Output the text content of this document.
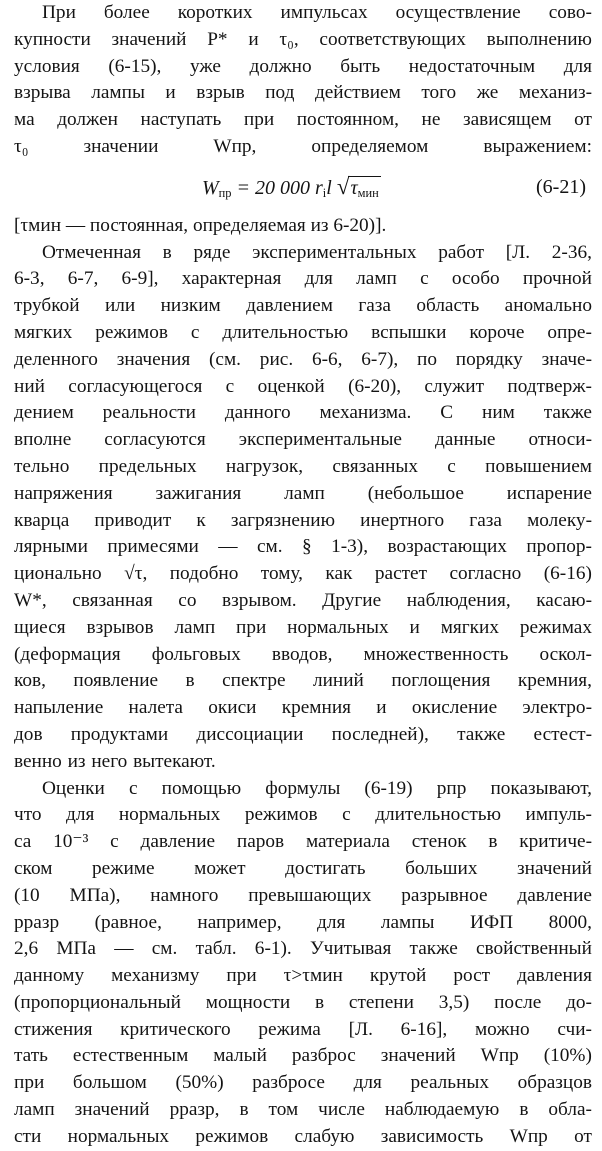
При более коротких импульсах осуществление сово-
купности значений P* и τ₀, соответствующих выполнению
условия (6-15), уже должно быть недостаточным для
взрыва лампы и взрыв под действием того же механиз-
ма должен наступать при постоянном, не зависящем от
τ₀	значении	Wпр,	определяемом	выражением:
$W_{пр} = 20$ 000 $r_il$ $√\tau_{мин}$	(6-21)
[τмин — постоянная, определяемая из 6-20)].
Отмеченная в ряде экспериментальных работ [Л. 2-36,
6-3, 6-7, 6-9], характерная для ламп с особо прочной
трубкой или низким давлением газа область аномально
мягких режимов с длительностью вспышки короче опре-
деленного значения (см. рис. 6-6, 6-7), по порядку значе-
ний согласующегося с оценкой (6-20), служит подтверж-
дением реальности данного механизма. С ним также
вполне согласуются экспериментальные данные относи-
тельно предельных нагрузок, связанных с повышением
напряжения зажигания ламп (небольшое испарение
кварца приводит к загрязнению инертного газа молеку-
лярными примесями — см. § 1-3), возрастающих пропор-
ционально √τ, подобно тому, как растет согласно (6-16)
W*, связанная со взрывом. Другие наблюдения, касаю-
щиеся взрывов ламп при нормальных и мягких режимах
(деформация фольговых вводов, множественность оскол-
ков, появление в спектре линий поглощения кремния,
напыление налета окиси кремния и окисление электро-
дов продуктами диссоциации последней), также естест-
венно из него вытекают.
Оценки с помощью формулы (6-19) pпр показывают,
что для нормальных режимов с длительностью импуль-
са 10⁻³ с давление паров материала стенок в критиче-
ском режиме может достигать больших значений
(10 МПа), намного превышающих разрывное давление
pразр (равное, например, для лампы ИФП 8000,
2,6 МПа — см. табл. 6-1). Учитывая также свойственный
данному механизму при τ>τмин крутой рост давления
(пропорциональный мощности в степени 3,5) после до-
стижения критического режима [Л. 6-16], можно счи-
тать естественным малый разброс значений Wпр (10%)
при большом (50%) разбросе для реальных образцов
ламп значений pразр, в том числе наблюдаемую в обла-
сти нормальных режимов слабую зависимость Wпр от
